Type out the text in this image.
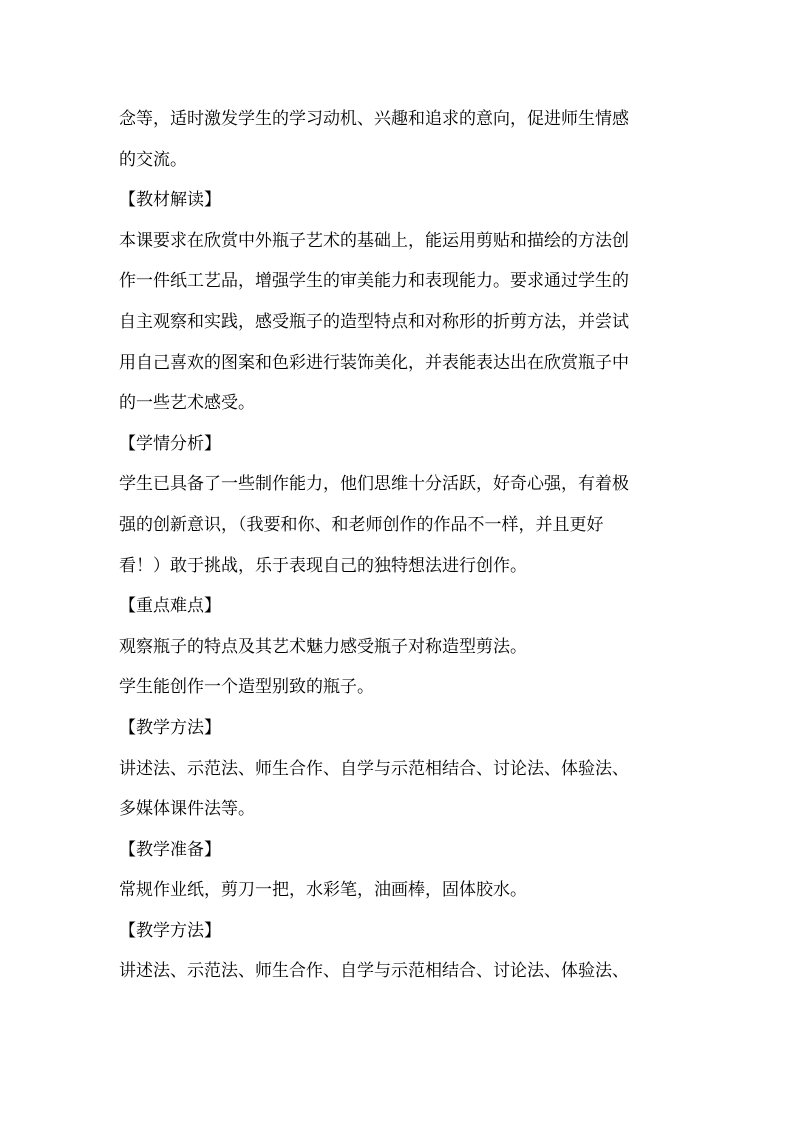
念等，适时激发学生的学习动机、兴趣和追求的意向，促进师生情感
的交流。
【教材解读】
本课要求在欣赏中外瓶子艺术的基础上，能运用剪贴和描绘的方法创
作一件纸工艺品，增强学生的审美能力和表现能力。要求通过学生的
自主观察和实践，感受瓶子的造型特点和对称形的折剪方法，并尝试
用自己喜欢的图案和色彩进行装饰美化，并表能表达出在欣赏瓶子中
的一些艺术感受。
【学情分析】
学生已具备了一些制作能力，他们思维十分活跃，好奇心强，有着极
强的创新意识，（我要和你、和老师创作的作品不一样，并且更好
看！）敢于挑战，乐于表现自己的独特想法进行创作。
【重点难点】
观察瓶子的特点及其艺术魅力感受瓶子对称造型剪法。
学生能创作一个造型别致的瓶子。
【教学方法】
讲述法、示范法、师生合作、自学与示范相结合、讨论法、体验法、
多媒体课件法等。
【教学准备】
常规作业纸，剪刀一把，水彩笔，油画棒，固体胶水。
【教学方法】
讲述法、示范法、师生合作、自学与示范相结合、讨论法、体验法、
